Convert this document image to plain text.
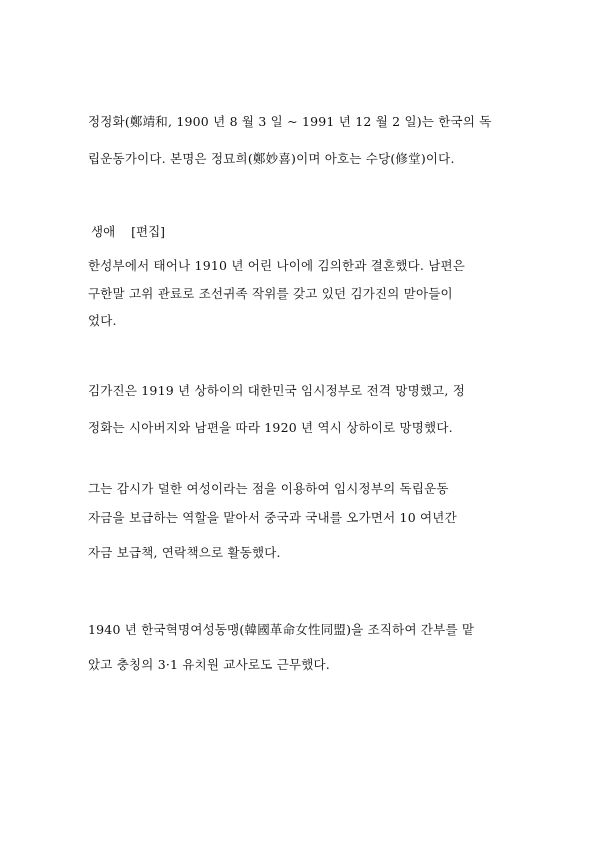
정정화(鄭靖和, 1900 년 8 월 3 일 ~ 1991 년 12 월 2 일)는 한국의 독
립운동가이다. 본명은 정묘희(鄭妙喜)이며 아호는 수당(修堂)이다.
생애 [편집]
한성부에서 태어나 1910 년 어린 나이에 김의한과 결혼했다. 남편은
구한말 고위 관료로 조선귀족 작위를 갖고 있던 김가진의 맏아들이
었다.
김가진은 1919 년 상하이의 대한민국 임시정부로 전격 망명했고, 정
정화는 시아버지와 남편을 따라 1920 년 역시 상하이로 망명했다.
그는 감시가 덜한 여성이라는 점을 이용하여 임시정부의 독립운동
자금을 보급하는 역할을 맡아서 중국과 국내를 오가면서 10 여년간
자금 보급책, 연락책으로 활동했다.
1940 년 한국혁명여성동맹(韓國革命女性同盟)을 조직하여 간부를 맡
았고 충칭의 3·1 유치원 교사로도 근무했다.
